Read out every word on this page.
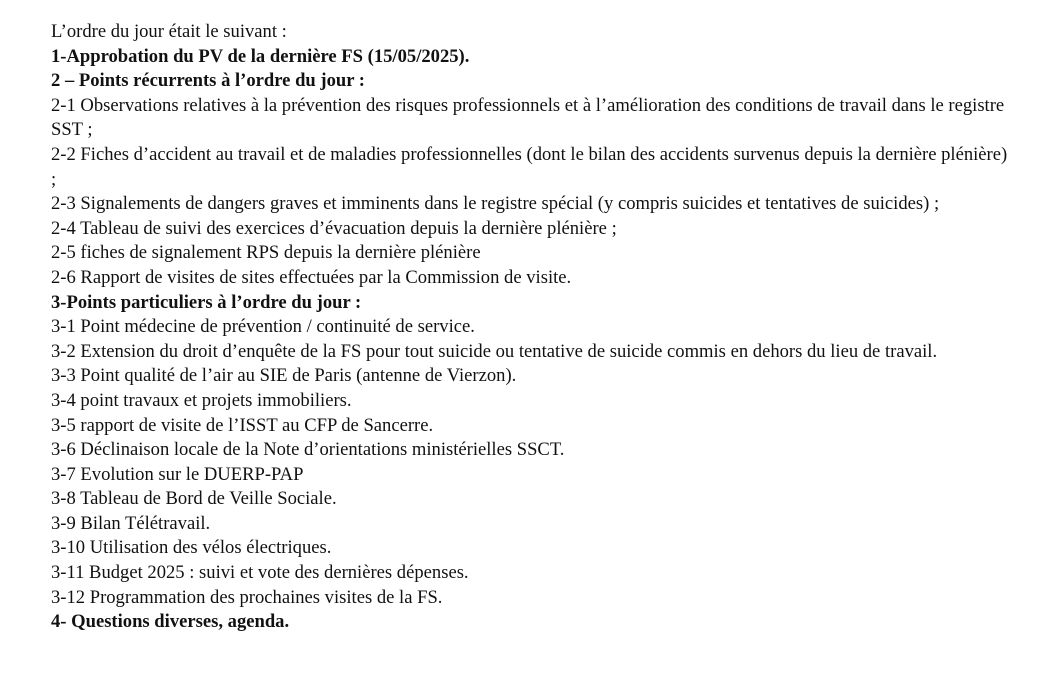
L’ordre du jour était le suivant :

1-Approbation du PV de la dernière FS (15/05/2025).

2 – Points récurrents à l’ordre du jour :

2-1 Observations relatives à la prévention des risques professionnels et à l’amélioration des conditions de travail dans le registre SST ;

2-2 Fiches d’accident au travail et de maladies professionnelles (dont le bilan des accidents survenus depuis la dernière plénière) ;

2-3 Signalements de dangers graves et imminents dans le registre spécial (y compris suicides et tentatives de suicides) ;

2-4 Tableau de suivi des exercices d’évacuation depuis la dernière plénière ;

2-5 fiches de signalement RPS depuis la dernière plénière

2-6 Rapport de visites de sites effectuées par la Commission de visite.

3-Points particuliers à l’ordre du jour :

3-1 Point médecine de prévention / continuité de service.

3-2 Extension du droit d’enquête de la FS pour tout suicide ou tentative de suicide commis en dehors du lieu de travail.

3-3 Point qualité de l’air au SIE de Paris (antenne de Vierzon).

3-4 point travaux et projets immobiliers.

3-5 rapport de visite de l’ISST au CFP de Sancerre.

3-6 Déclinaison locale de la Note d’orientations ministérielles SSCT.

3-7 Evolution sur le DUERP-PAP

3-8 Tableau de Bord de Veille Sociale.

3-9 Bilan Télétravail.

3-10 Utilisation des vélos électriques.

3-11 Budget 2025 : suivi et vote des dernières dépenses.

3-12 Programmation des prochaines visites de la FS.

4- Questions diverses, agenda.
